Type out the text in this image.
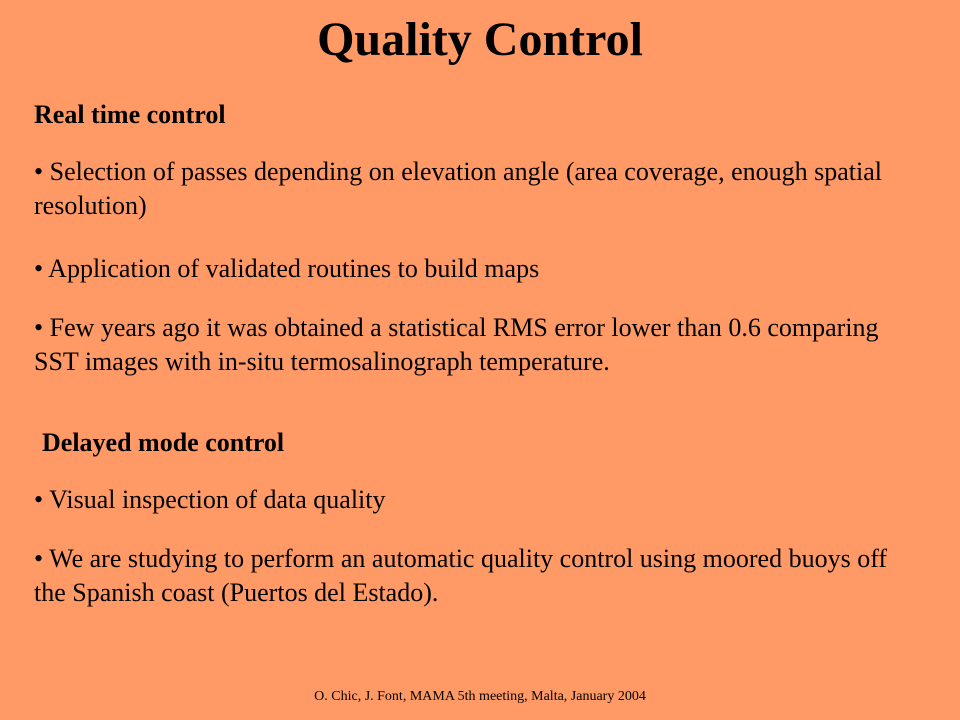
Quality Control
Real time control
• Selection of passes depending on elevation angle (area coverage, enough spatial resolution)
• Application of validated routines to build maps
• Few years ago it was obtained a statistical RMS error lower than 0.6 comparing SST images with in-situ termosalinograph temperature.
Delayed mode control
• Visual inspection of data quality
• We are studying to perform an automatic quality control using moored buoys off the Spanish coast (Puertos del Estado).
O. Chic, J. Font, MAMA 5th meeting, Malta, January 2004
